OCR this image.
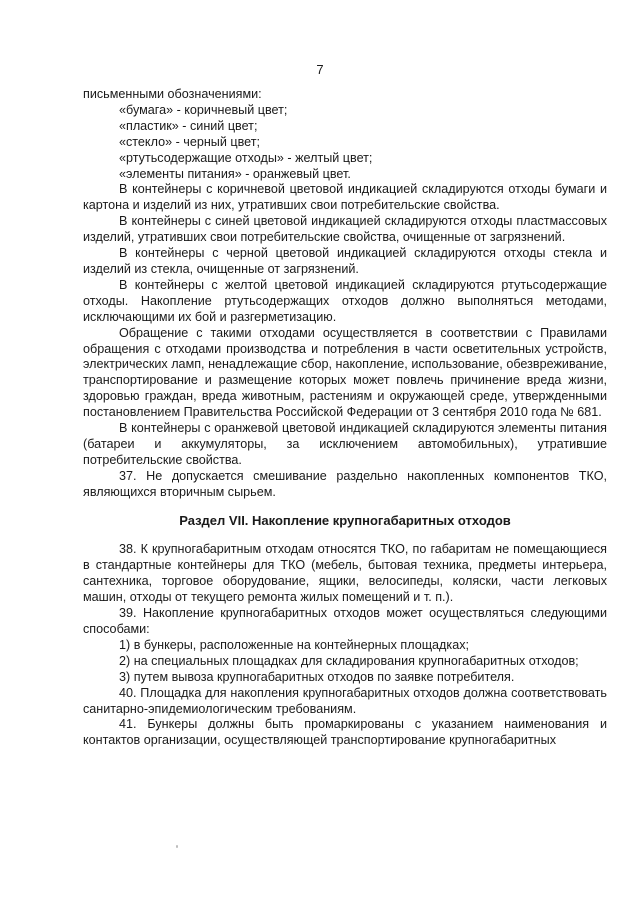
7

письменными обозначениями:

«бумага» - коричневый цвет;

«пластик» - синий цвет;

«стекло» - черный цвет;

«ртутьсодержащие отходы» - желтый цвет;

«элементы питания» - оранжевый цвет.

В контейнеры с коричневой цветовой индикацией складируются отходы бумаги и картона и изделий из них, утративших свои потребительские свойства.

В контейнеры с синей цветовой индикацией складируются отходы пластмассовых изделий, утративших свои потребительские свойства, очищенные от загрязнений.

В контейнеры с черной цветовой индикацией складируются отходы стекла и изделий из стекла, очищенные от загрязнений.

В контейнеры с желтой цветовой индикацией складируются ртутьсодержащие отходы. Накопление ртутьсодержащих отходов должно выполняться методами, исключающими их бой и разгерметизацию.

Обращение с такими отходами осуществляется в соответствии с Правилами обращения с отходами производства и потребления в части осветительных устройств, электрических ламп, ненадлежащие сбор, накопление, использование, обезвреживание, транспортирование и размещение которых может повлечь причинение вреда жизни, здоровью граждан, вреда животным, растениям и окружающей среде, утвержденными постановлением Правительства Российской Федерации от 3 сентября 2010 года № 681.

В контейнеры с оранжевой цветовой индикацией складируются элементы питания (батареи и аккумуляторы, за исключением автомобильных), утратившие потребительские свойства.

37. Не допускается смешивание раздельно накопленных компонентов ТКО, являющихся вторичным сырьем.

Раздел VII. Накопление крупногабаритных отходов

38. К крупногабаритным отходам относятся ТКО, по габаритам не помещающиеся в стандартные контейнеры для ТКО (мебель, бытовая техника, предметы интерьера, сантехника, торговое оборудование, ящики, велосипеды, коляски, части легковых машин, отходы от текущего ремонта жилых помещений и т. п.).

39. Накопление крупногабаритных отходов может осуществляться следующими способами:

1) в бункеры, расположенные на контейнерных площадках;

2) на специальных площадках для складирования крупногабаритных отходов;

3) путем вывоза крупногабаритных отходов по заявке потребителя.

40. Площадка для накопления крупногабаритных отходов должна соответствовать санитарно-эпидемиологическим требованиям.

41. Бункеры должны быть промаркированы с указанием наименования и контактов организации, осуществляющей транспортирование крупногабаритных
